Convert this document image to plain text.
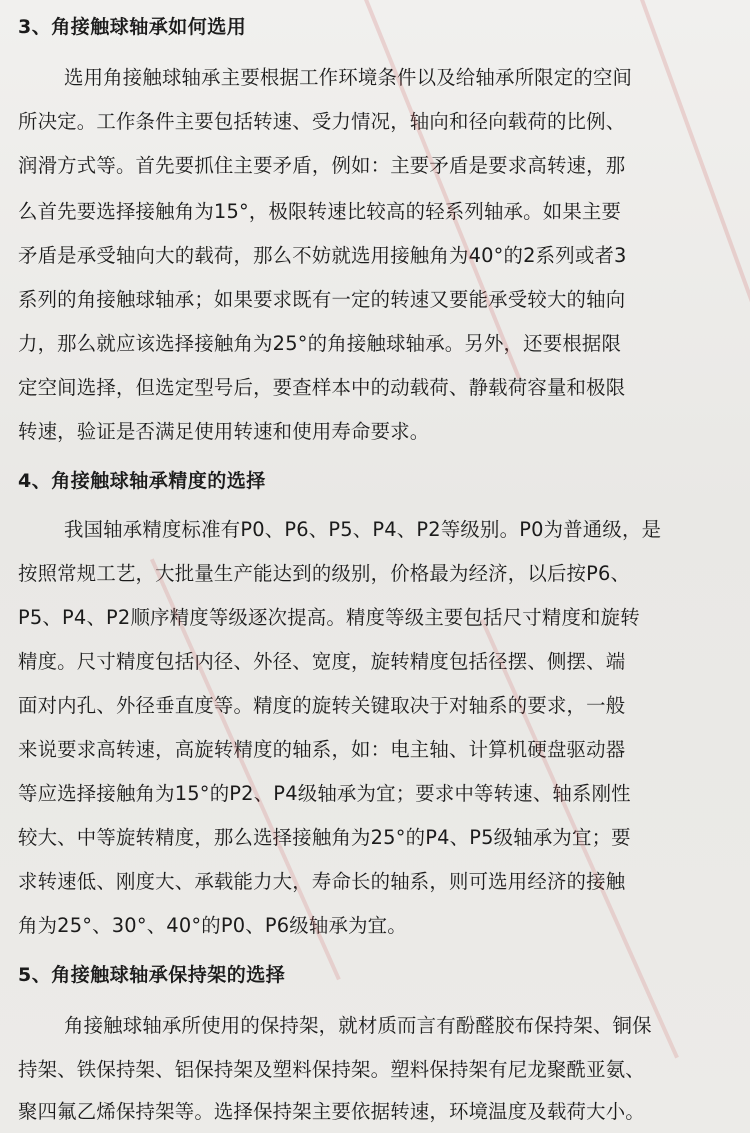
3、角接触球轴承如何选用

选用角接触球轴承主要根据工作环境条件以及给轴承所限定的空间

所决定。工作条件主要包括转速、受力情况，轴向和径向载荷的比例、

润滑方式等。首先要抓住主要矛盾，例如：主要矛盾是要求高转速，那

么首先要选择接触角为15°，极限转速比较高的轻系列轴承。如果主要

矛盾是承受轴向大的载荷，那么不妨就选用接触角为40°的2系列或者3

系列的角接触球轴承；如果要求既有一定的转速又要能承受较大的轴向

力，那么就应该选择接触角为25°的角接触球轴承。另外，还要根据限

定空间选择，但选定型号后，要查样本中的动载荷、静载荷容量和极限

转速，验证是否满足使用转速和使用寿命要求。

4、角接触球轴承精度的选择

我国轴承精度标准有P0、P6、P5、P4、P2等级别。P0为普通级，是

按照常规工艺，大批量生产能达到的级别，价格最为经济，以后按P6、

P5、P4、P2顺序精度等级逐次提高。精度等级主要包括尺寸精度和旋转

精度。尺寸精度包括内径、外径、宽度，旋转精度包括径摆、侧摆、端

面对内孔、外径垂直度等。精度的旋转关键取决于对轴系的要求，一般

来说要求高转速，高旋转精度的轴系，如：电主轴、计算机硬盘驱动器

等应选择接触角为15°的P2、P4级轴承为宜；要求中等转速、轴系刚性

较大、中等旋转精度，那么选择接触角为25°的P4、P5级轴承为宜；要

求转速低、刚度大、承载能力大，寿命长的轴系，则可选用经济的接触

角为25°、30°、40°的P0、P6级轴承为宜。

5、角接触球轴承保持架的选择

角接触球轴承所使用的保持架，就材质而言有酚醛胶布保持架、铜保

持架、铁保持架、铝保持架及塑料保持架。塑料保持架有尼龙聚酰亚氨、

聚四氟乙烯保持架等。选择保持架主要依据转速，环境温度及载荷大小。
